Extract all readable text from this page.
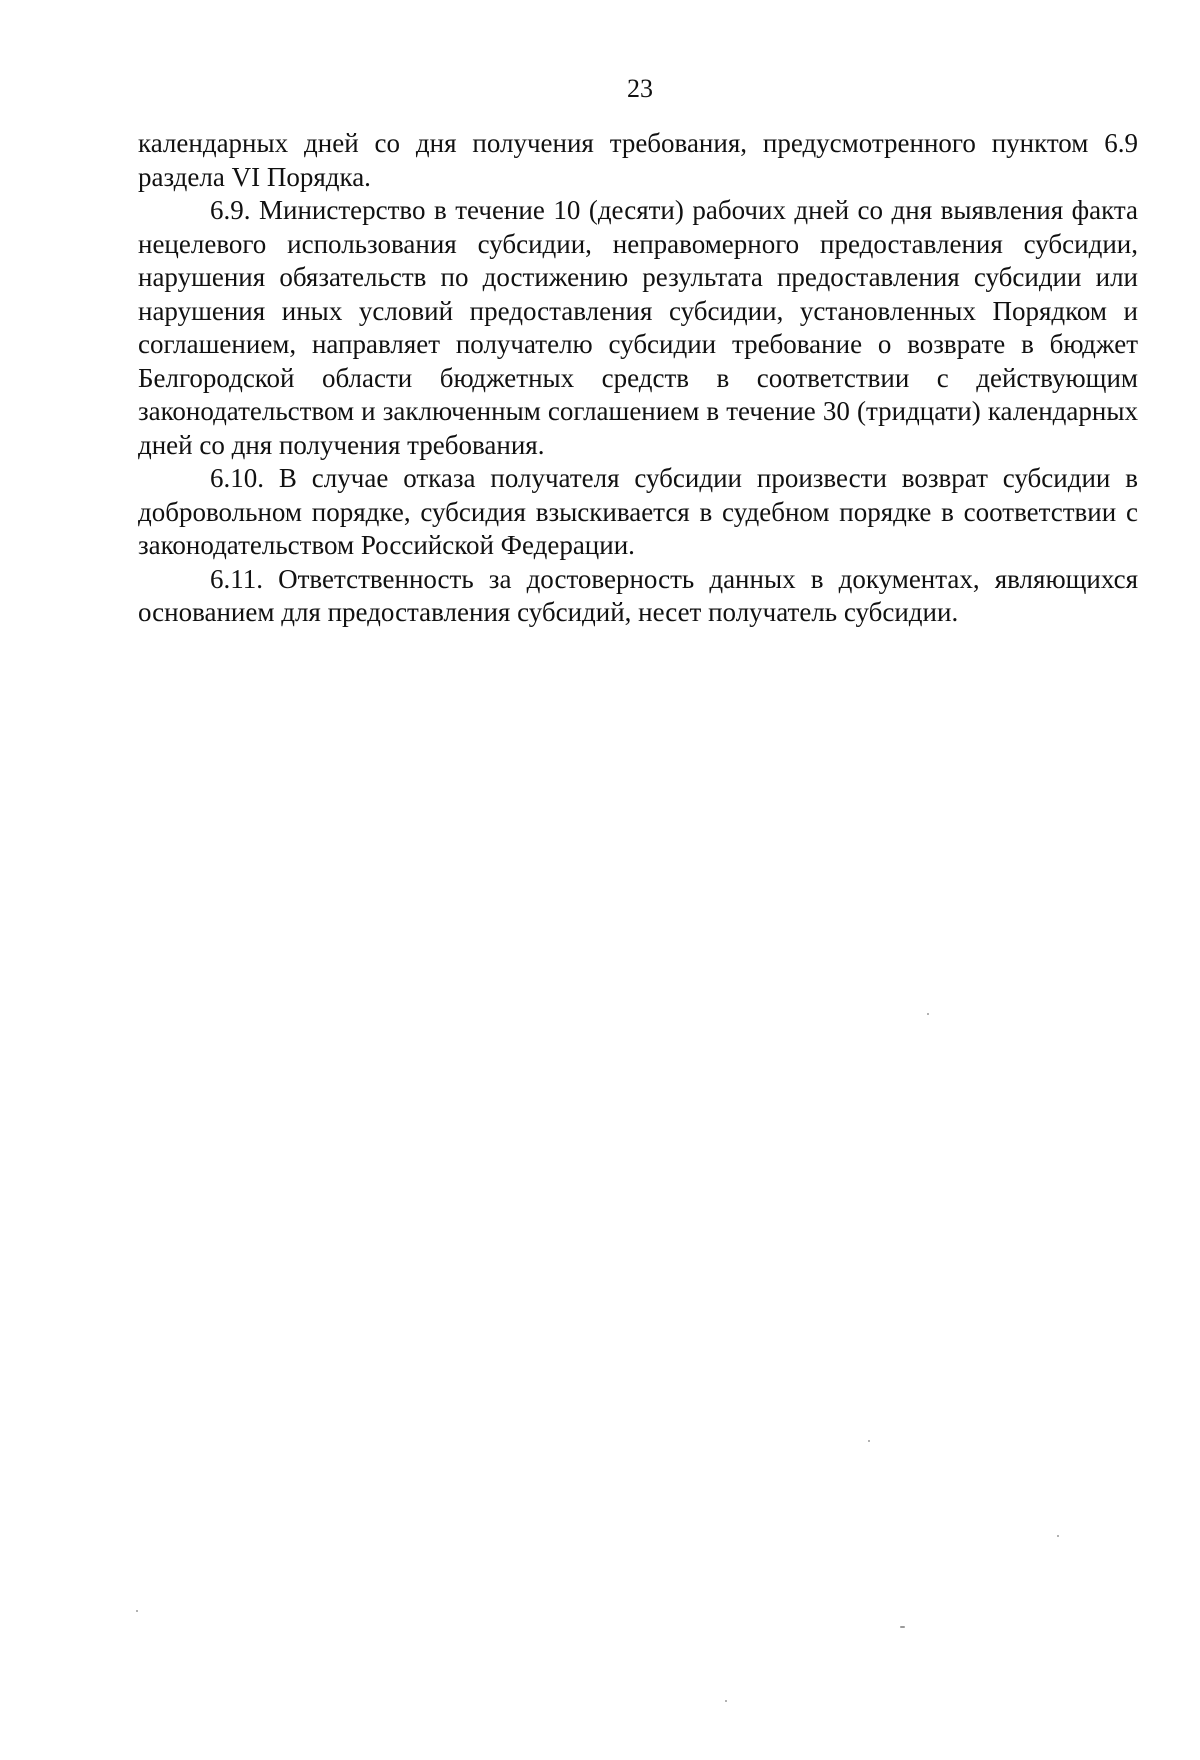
23

календарных дней со дня получения требования, предусмотренного пунктом 6.9 раздела VI Порядка.

6.9. Министерство в течение 10 (десяти) рабочих дней со дня выявления факта нецелевого использования субсидии, неправомерного предоставления субсидии, нарушения обязательств по достижению результата предоставления субсидии или нарушения иных условий предоставления субсидии, установленных Порядком и соглашением, направляет получателю субсидии требование о возврате в бюджет Белгородской области бюджетных средств в соответствии с действующим законодательством и заключенным соглашением в течение 30 (тридцати) календарных дней со дня получения требования.

6.10. В случае отказа получателя субсидии произвести возврат субсидии в добровольном порядке, субсидия взыскивается в судебном порядке в соответствии с законодательством Российской Федерации.

6.11. Ответственность за достоверность данных в документах, являющихся основанием для предоставления субсидий, несет получатель субсидии.
